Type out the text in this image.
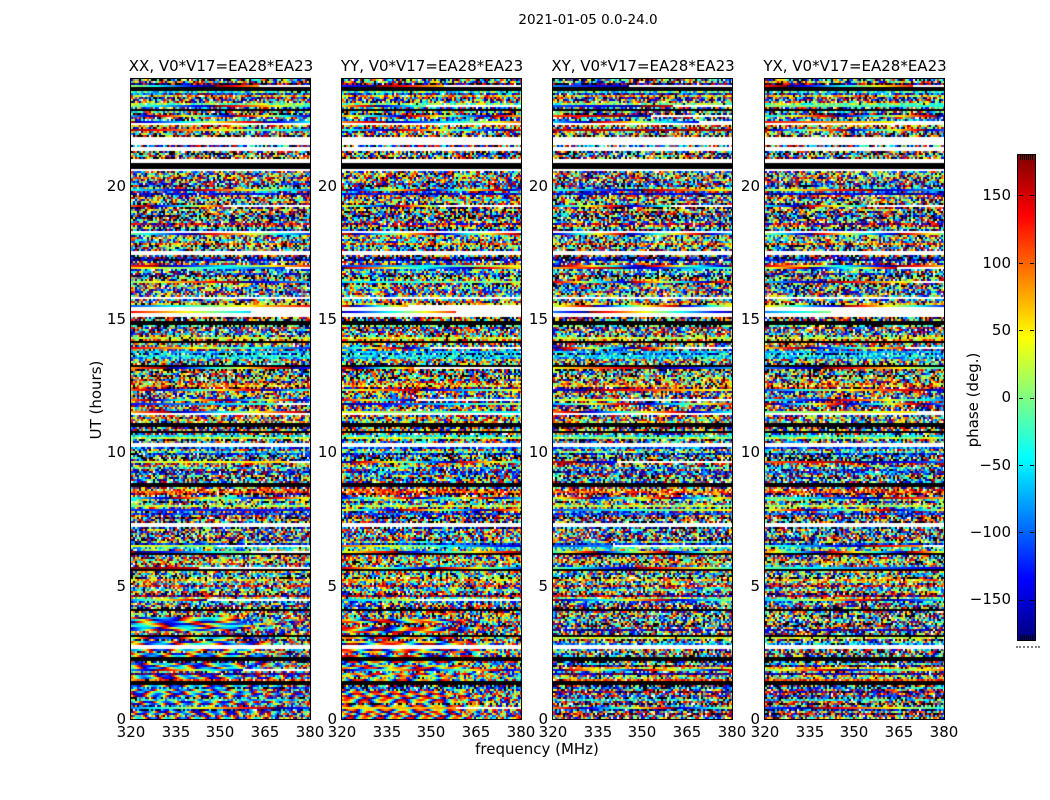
2021-01-05 0.0-24.0
XX, V0*V17=EA28*EA23
20
15
10
5
0
320	335	350	365	380
YY, V0*V17=EA28*EA23
20
15
10
5
0
320	335	350	365	380
XY, V0*V17=EA28*EA23
20
15
10
5
0
320	335	350	365	380
YX, V0*V17=EA28*EA23
20
15
10
5
0
320	335	350	365	380
UT (hours)
frequency (MHz)
150
100
50
0
−50
−100
−150
phase (deg.)
